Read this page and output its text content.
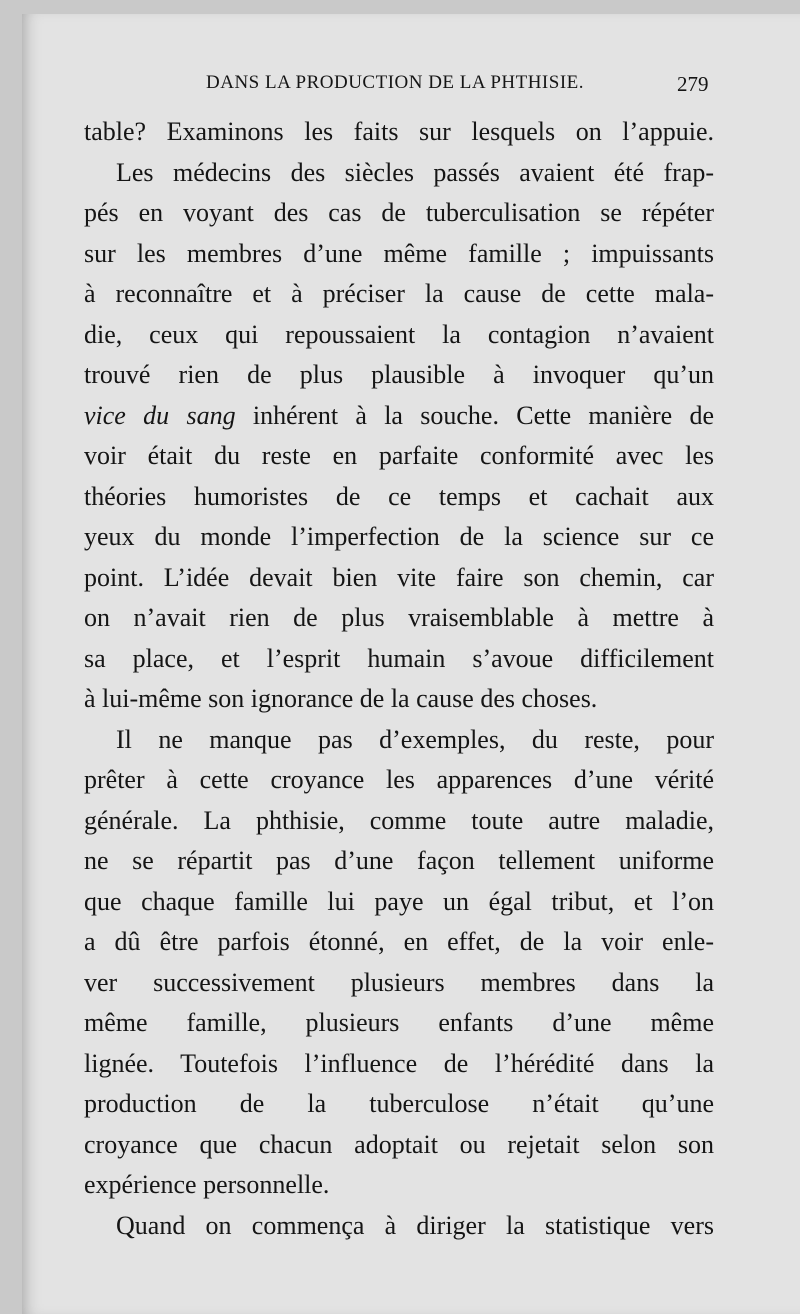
DANS LA PRODUCTION DE LA PHTHISIE.	279
table? Examinons les faits sur lesquels on l’appuie.
Les médecins des siècles passés avaient été frap-
pés en voyant des cas de tuberculisation se répéter
sur les membres d’une même famille ; impuissants
à reconnaître et à préciser la cause de cette mala-
die, ceux qui repoussaient la contagion n’avaient
trouvé rien de plus plausible à invoquer qu’un
vice du sang inhérent à la souche. Cette manière de
voir était du reste en parfaite conformité avec les
théories humoristes de ce temps et cachait aux
yeux du monde l’imperfection de la science sur ce
point. L’idée devait bien vite faire son chemin, car
on n’avait rien de plus vraisemblable à mettre à
sa place, et l’esprit humain s’avoue difficilement
à lui-même son ignorance de la cause des choses.
Il ne manque pas d’exemples, du reste, pour
prêter à cette croyance les apparences d’une vérité
générale. La phthisie, comme toute autre maladie,
ne se répartit pas d’une façon tellement uniforme
que chaque famille lui paye un égal tribut, et l’on
a dû être parfois étonné, en effet, de la voir enle-
ver successivement plusieurs membres dans la
même famille, plusieurs enfants d’une même
lignée. Toutefois l’influence de l’hérédité dans la
production de la tuberculose n’était qu’une
croyance que chacun adoptait ou rejetait selon son
expérience personnelle.
Quand on commença à diriger la statistique vers
